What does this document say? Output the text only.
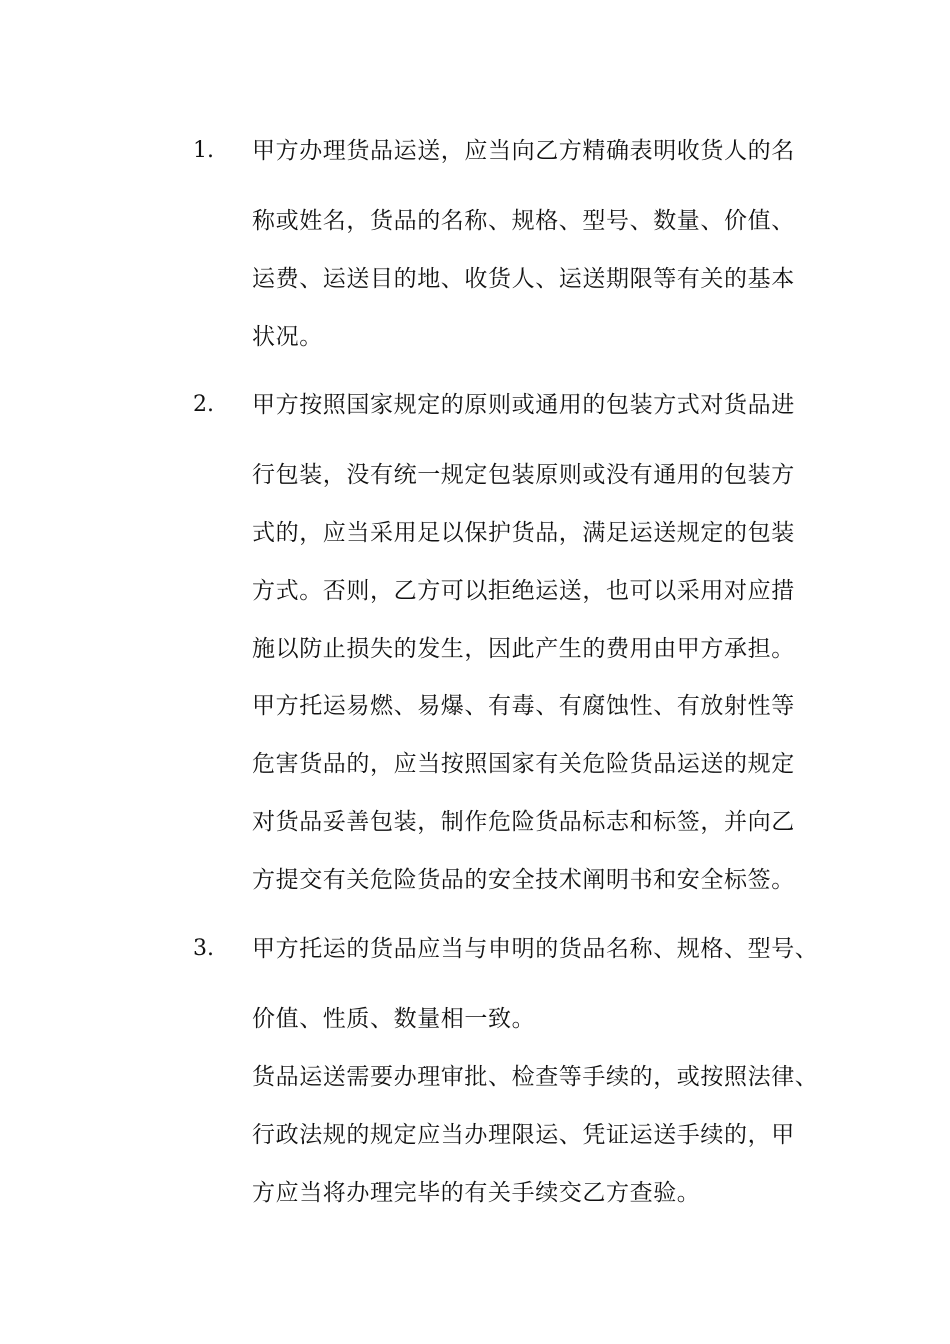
1. 甲方办理货品运送，应当向乙方精确表明收货人的名
称或姓名，货品的名称、规格、型号、数量、价值、
运费、运送目的地、收货人、运送期限等有关的基本
状况。
2. 甲方按照国家规定的原则或通用的包装方式对货品进
行包装，没有统一规定包装原则或没有通用的包装方
式的，应当采用足以保护货品，满足运送规定的包装
方式。否则，乙方可以拒绝运送，也可以采用对应措
施以防止损失的发生，因此产生的费用由甲方承担。
甲方托运易燃、易爆、有毒、有腐蚀性、有放射性等
危害货品的，应当按照国家有关危险货品运送的规定
对货品妥善包装，制作危险货品标志和标签，并向乙
方提交有关危险货品的安全技术阐明书和安全标签。
3. 甲方托运的货品应当与申明的货品名称、规格、型号、
价值、性质、数量相一致。
货品运送需要办理审批、检查等手续的，或按照法律、
行政法规的规定应当办理限运、凭证运送手续的，甲
方应当将办理完毕的有关手续交乙方查验。
